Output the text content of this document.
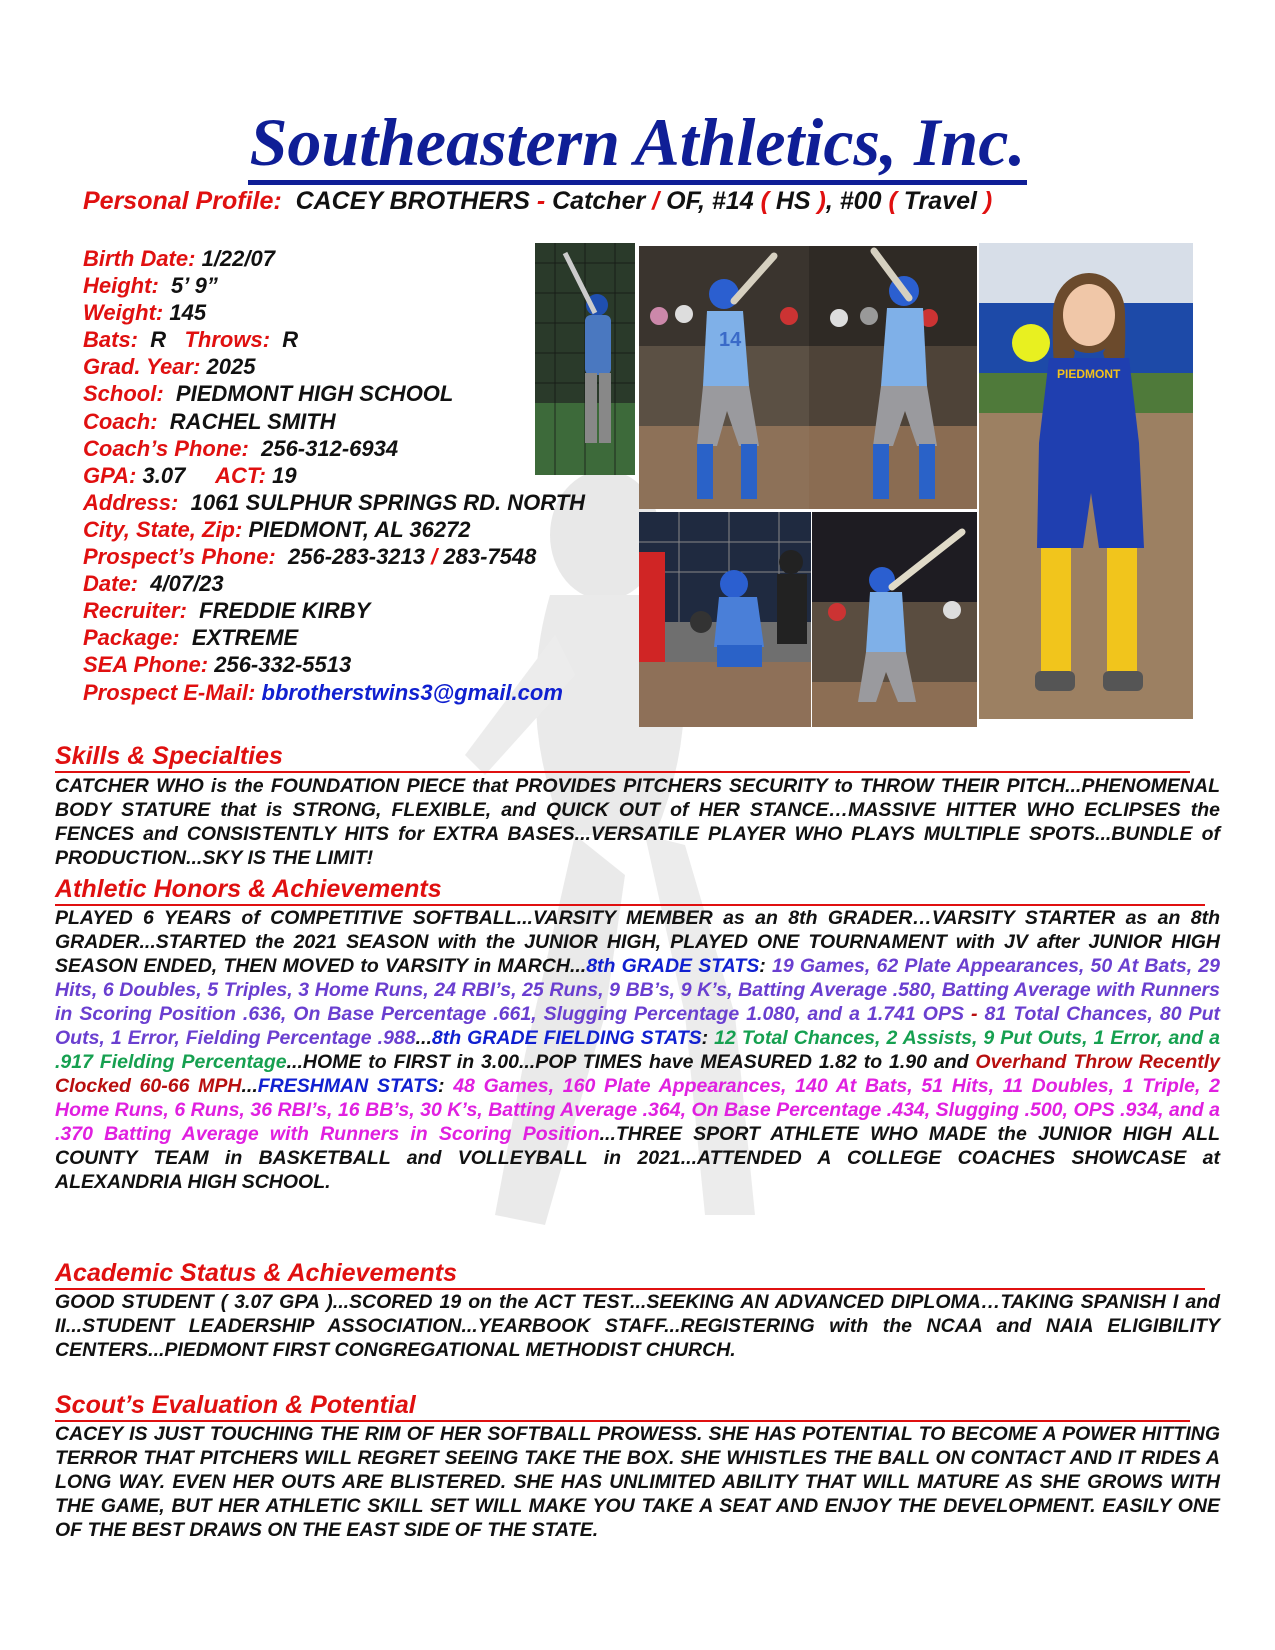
Southeastern Athletics, Inc.
Personal Profile: CACEY BROTHERS - Catcher / OF, #14 ( HS ), #00 ( Travel )
Birth Date: 1/22/07
Height: 5’ 9”
Weight: 145
Bats: R Throws: R
Grad. Year: 2025
School: PIEDMONT HIGH SCHOOL
Coach: RACHEL SMITH
Coach’s Phone: 256-312-6934
GPA: 3.07 ACT: 19
Address: 1061 SULPHUR SPRINGS RD. NORTH
City, State, Zip: PIEDMONT, AL 36272
Prospect’s Phone: 256-283-3213 / 283-7548
Date: 4/07/23
Recruiter: FREDDIE KIRBY
Package: EXTREME
SEA Phone: 256-332-5513
Prospect E-Mail: bbrotherstwins3@gmail.com
14
PIEDMONT
Skills & Specialties
CATCHER WHO is the FOUNDATION PIECE that PROVIDES PITCHERS SECURITY to THROW THEIR PITCH...PHENOMENAL BODY STATURE that is STRONG, FLEXIBLE, and QUICK OUT of HER STANCE…MASSIVE HITTER WHO ECLIPSES the FENCES and CONSISTENTLY HITS for EXTRA BASES...VERSATILE PLAYER WHO PLAYS MULTIPLE SPOTS...BUNDLE of PRODUCTION...SKY IS THE LIMIT!
Athletic Honors & Achievements
PLAYED 6 YEARS of COMPETITIVE SOFTBALL...VARSITY MEMBER as an 8th GRADER…VARSITY STARTER as an 8th GRADER...STARTED the 2021 SEASON with the JUNIOR HIGH, PLAYED ONE TOURNAMENT with JV after JUNIOR HIGH SEASON ENDED, THEN MOVED to VARSITY in MARCH...8th GRADE STATS: 19 Games, 62 Plate Appearances, 50 At Bats, 29 Hits, 6 Doubles, 5 Triples, 3 Home Runs, 24 RBI’s, 25 Runs, 9 BB’s, 9 K’s, Batting Average .580, Batting Average with Runners in Scoring Position .636, On Base Percentage .661, Slugging Percentage 1.080, and a 1.741 OPS - 81 Total Chances, 80 Put Outs, 1 Error, Fielding Percentage .988...8th GRADE FIELDING STATS: 12 Total Chances, 2 Assists, 9 Put Outs, 1 Error, and a .917 Fielding Percentage...HOME to FIRST in 3.00...POP TIMES have MEASURED 1.82 to 1.90 and Overhand Throw Recently Clocked 60-66 MPH...FRESHMAN STATS: 48 Games, 160 Plate Appearances, 140 At Bats, 51 Hits, 11 Doubles, 1 Triple, 2 Home Runs, 6 Runs, 36 RBI’s, 16 BB’s, 30 K’s, Batting Average .364, On Base Percentage .434, Slugging .500, OPS .934, and a .370 Batting Average with Runners in Scoring Position...THREE SPORT ATHLETE WHO MADE the JUNIOR HIGH ALL COUNTY TEAM in BASKETBALL and VOLLEYBALL in 2021...ATTENDED A COLLEGE COACHES SHOWCASE at ALEXANDRIA HIGH SCHOOL.
Academic Status & Achievements
GOOD STUDENT ( 3.07 GPA )...SCORED 19 on the ACT TEST...SEEKING AN ADVANCED DIPLOMA…TAKING SPANISH I and II...STUDENT LEADERSHIP ASSOCIATION...YEARBOOK STAFF...REGISTERING with the NCAA and NAIA ELIGIBILITY CENTERS...PIEDMONT FIRST CONGREGATIONAL METHODIST CHURCH.
Scout’s Evaluation & Potential
CACEY IS JUST TOUCHING THE RIM OF HER SOFTBALL PROWESS. SHE HAS POTENTIAL TO BECOME A POWER HITTING TERROR THAT PITCHERS WILL REGRET SEEING TAKE THE BOX. SHE WHISTLES THE BALL ON CONTACT AND IT RIDES A LONG WAY. EVEN HER OUTS ARE BLISTERED. SHE HAS UNLIMITED ABILITY THAT WILL MATURE AS SHE GROWS WITH THE GAME, BUT HER ATHLETIC SKILL SET WILL MAKE YOU TAKE A SEAT AND ENJOY THE DEVELOPMENT. EASILY ONE OF THE BEST DRAWS ON THE EAST SIDE OF THE STATE.
